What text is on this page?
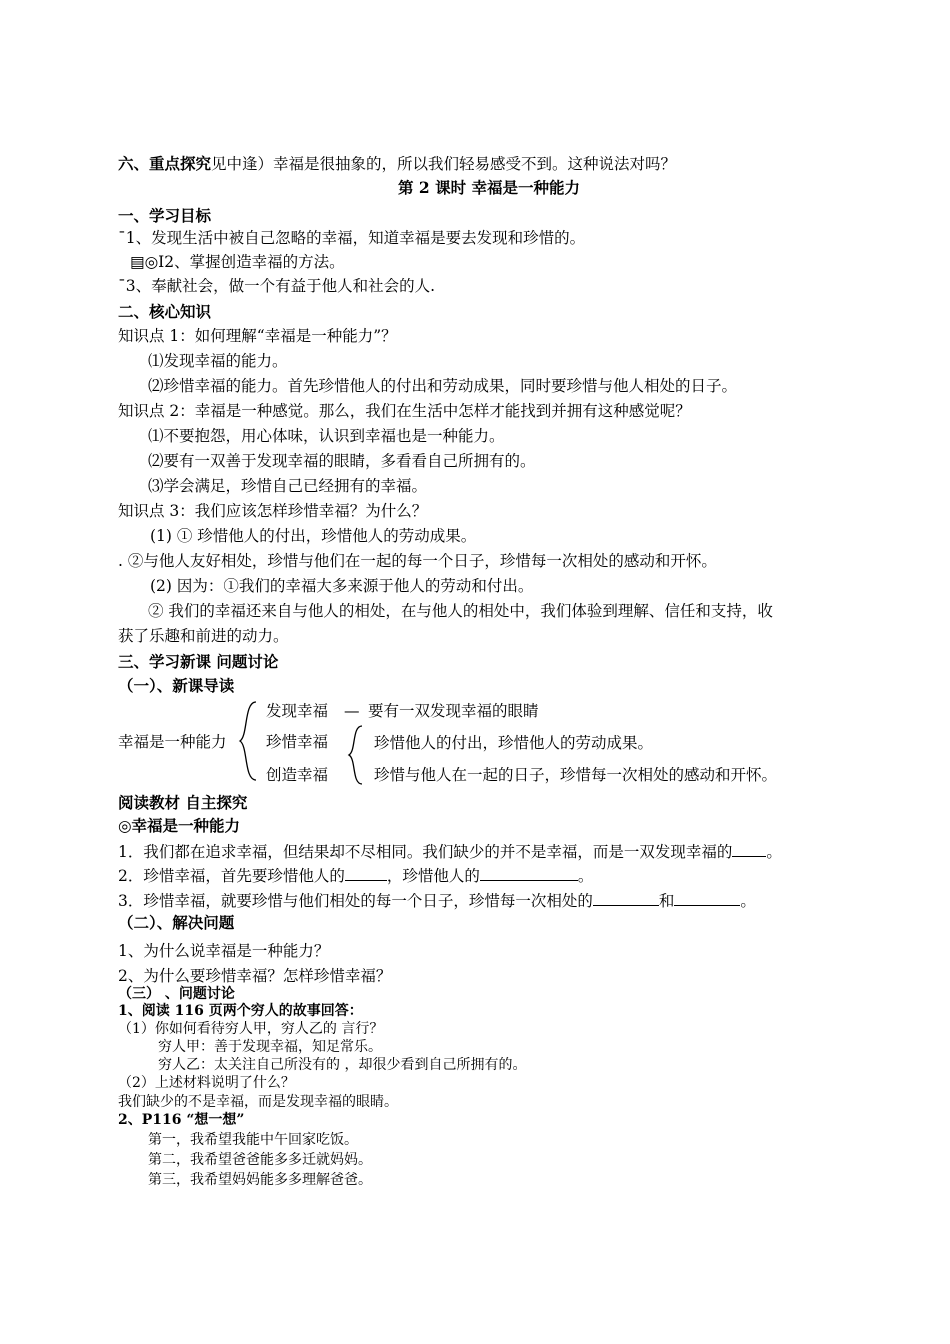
六、重点探究见中逢）幸福是很抽象的，所以我们轻易感受不到。这种说法对吗？
第 2 课时 幸福是一种能力
一、学习目标
ˉ1、发现生活中被自己忽略的幸福，知道幸福是要去发现和珍惜的。
▤◎Ⅰ2、掌握创造幸福的方法。
ˉ3、奉献社会，做一个有益于他人和社会的人.
二、核心知识
知识点 1：如何理解“幸福是一种能力”？
⑴发现幸福的能力。
⑵珍惜幸福的能力。首先珍惜他人的付出和劳动成果，同时要珍惜与他人相处的日子。
知识点 2：幸福是一种感觉。那么，我们在生活中怎样才能找到并拥有这种感觉呢？
⑴不要抱怨，用心体味，认识到幸福也是一种能力。
⑵要有一双善于发现幸福的眼睛，多看看自己所拥有的。
⑶学会满足，珍惜自己已经拥有的幸福。
知识点 3：我们应该怎样珍惜幸福？为什么？
(1) ① 珍惜他人的付出，珍惜他人的劳动成果。
. ②与他人友好相处，珍惜与他们在一起的每一个日子，珍惜每一次相处的感动和开怀。
(2) 因为：①我们的幸福大多来源于他人的劳动和付出。
② 我们的幸福还来自与他人的相处，在与他人的相处中，我们体验到理解、信任和支持，收
获了乐趣和前进的动力。
三、学习新课 问题讨论
（一）、新课导读
幸福是一种能力
发现幸福 — 要有一双发现幸福的眼睛
珍惜幸福	珍惜他人的付出，珍惜他人的劳动成果。
创造幸福	珍惜与他人在一起的日子，珍惜每一次相处的感动和开怀。
阅读教材 自主探究
◎幸福是一种能力
1．我们都在追求幸福，但结果却不尽相同。我们缺少的并不是幸福，而是一双发现幸福的 。
2．珍惜幸福，首先要珍惜他人的	，珍惜他人的	。
3．珍惜幸福，就要珍惜与他们相处的每一个日子，珍惜每一次相处的	和	。
（二）、解决问题
1、为什么说幸福是一种能力？
2、为什么要珍惜幸福？怎样珍惜幸福？
（三） 、问题讨论
1、阅读 116 页两个穷人的故事回答：
（1）你如何看待穷人甲，穷人乙的 言行？
穷人甲：善于发现幸福，知足常乐。
穷人乙：太关注自己所没有的 ，却很少看到自己所拥有的。
（2）上述材料说明了什么？
我们缺少的不是幸福，而是发现幸福的眼睛。
2、P116 “想一想”
第一，我希望我能中午回家吃饭。
第二，我希望爸爸能多多迁就妈妈。
第三，我希望妈妈能多多理解爸爸。
